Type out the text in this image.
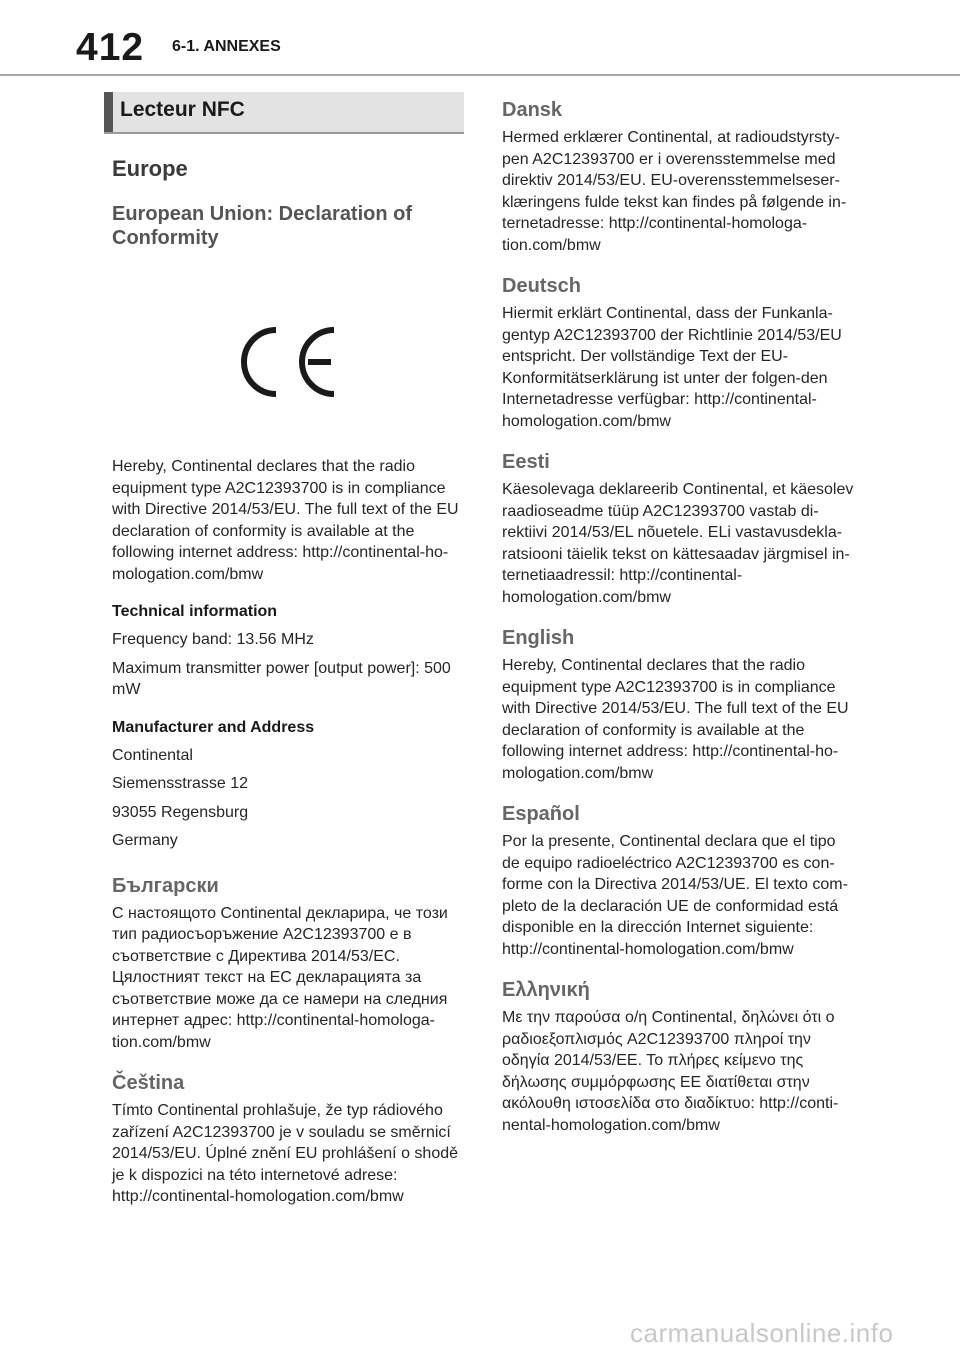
412 6-1. ANNEXES
Lecteur NFC
Europe
European Union: Declaration of Conformity

Hereby, Continental declares that the radio equipment type A2C12393700 is in compliance with Directive 2014/53/EU. The full text of the EU declaration of conformity is available at the following internet address: http://continental-ho-mologation.com/bmw

Technical information

Frequency band: 13.56 MHz

Maximum transmitter power [output power]: 500 mW

Manufacturer and Address

Continental

Siemensstrasse 12

93055 Regensburg

Germany

Български

С настоящото Continental декларира, че този тип радиосъоръжение A2C12393700 е в съответствие с Директива 2014/53/ЕС. Цялостният текст на ЕС декларацията за съответствие може да се намери на следния интернет адрес: http://continental-homologa-tion.com/bmw

Čeština

Tímto Continental prohlašuje, že typ rádiového zařízení A2C12393700 je v souladu se směrnicí 2014/53/EU. Úplné znění EU prohlášení o shodě je k dispozici na této internetové adrese: http://continental-homologation.com/bmw

Dansk

Hermed erklærer Continental, at radioudstyrsty-pen A2C12393700 er i overensstemmelse med direktiv 2014/53/EU. EU-overensstemmelseser-klæringens fulde tekst kan findes på følgende in-ternetadresse: http://continental-homologa-tion.com/bmw

Deutsch

Hiermit erklärt Continental, dass der Funkanla-gentyp A2C12393700 der Richtlinie 2014/53/EU entspricht. Der vollständige Text der EU-Konformitätserklärung ist unter der folgen-den Internetadresse verfügbar: http://continental-homologation.com/bmw

Eesti

Käesolevaga deklareerib Continental, et käesolev raadioseadme tüüp A2C12393700 vastab di-rektiivi 2014/53/EL nõuetele. ELi vastavusdekla-ratsiooni täielik tekst on kättesaadav järgmisel in-ternetiaadressil: http://continental-homologation.com/bmw

English

Hereby, Continental declares that the radio equipment type A2C12393700 is in compliance with Directive 2014/53/EU. The full text of the EU declaration of conformity is available at the following internet address: http://continental-ho-mologation.com/bmw

Español

Por la presente, Continental declara que el tipo de equipo radioeléctrico A2C12393700 es con-forme con la Directiva 2014/53/UE. El texto com-pleto de la declaración UE de conformidad está disponible en la dirección Internet siguiente: http://continental-homologation.com/bmw

Ελληνική

Με την παρούσα ο/η Continental, δηλώνει ότι ο ραδιοεξοπλισμός A2C12393700 πληροί την οδηγία 2014/53/ΕΕ. Το πλήρες κείμενο της δήλωσης συμμόρφωσης ΕΕ διατίθεται στην ακόλουθη ιστοσελίδα στο διαδίκτυο: http://conti-nental-homologation.com/bmw

carmanualsonline.info
